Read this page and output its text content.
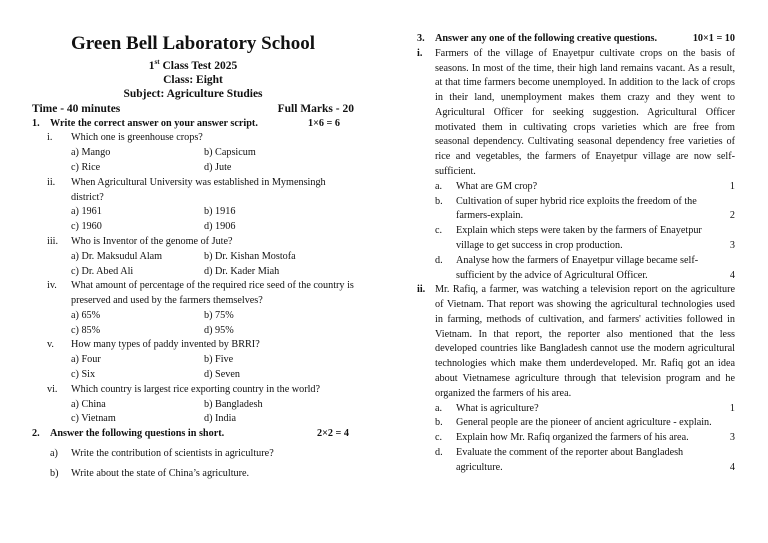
Green Bell Laboratory School
1st Class Test 2025
Class: Eight
Subject: Agriculture Studies
Time - 40 minutes	Full Marks - 20
1.	Write the correct answer on your answer script.	1×6 = 6
i.	Which one is greenhouse crops?
a) Mango	b) Capsicum
c) Rice	d) Jute
ii.	When Agricultural University was established in Mymensingh district?
a) 1961	b) 1916
c) 1960	d) 1906
iii.	Who is Inventor of the genome of Jute?
a) Dr. Maksudul Alam	b) Dr. Kishan Mostofa
c) Dr. Abed Ali	d) Dr. Kader Miah
iv.	What amount of percentage of the required rice seed of the country is preserved and used by the farmers themselves?
a) 65%	b) 75%
c) 85%	d) 95%
v.	How many types of paddy invented by BRRI?
a) Four	b) Five
c) Six	d) Seven
vi.	Which country is largest rice exporting country in the world?
a) China	b) Bangladesh
c) Vietnam	d) India
2.	Answer the following questions in short.	2×2 = 4
a)	Write the contribution of scientists in agriculture?
b)	Write about the state of China’s agriculture.
3.	Answer any one of the following creative questions.	10×1 = 10
i.	Farmers of the village of Enayetpur cultivate crops on the basis of seasons. In most of the time, their high land remains vacant. As a result, at that time farmers become unemployed. In addition to the lack of crops in their land, unemployment makes them crazy and they went to Agricultural Officer for seeking suggestion. Agricultural Officer motivated them in cultivating crops varieties which are free from seasonal dependency. Cultivating seasonal dependency free varieties of rice and vegetables, the farmers of Enayetpur village are now self-sufficient.
a.	What are GM crop?	1
b.	Cultivation of super hybrid rice exploits the freedom of the farmers-explain.	2
c.	Explain which steps were taken by the farmers of Enayetpur village to get success in crop production.	3
d.	Analyse how the farmers of Enayetpur village became self-sufficient by the advice of Agricultural Officer.	4
ii. Mr. Rafiq, a farmer, was watching a television report on the agriculture of Vietnam. That report was showing the agricultural technologies used in farming, methods of cultivation, and farmers' activities followed in Vietnam. In that report, the reporter also mentioned that the less developed countries like Bangladesh cannot use the modern agricultural technologies which make them underdeveloped. Mr. Rafiq got an idea about Vietnamese agriculture through that television program and he organized the farmers of his area.
a.	What is agriculture?	1
b.	General people are the pioneer of ancient agriculture - explain.
c.	Explain how Mr. Rafiq organized the farmers of his area.	3
d.	Evaluate the comment of the reporter about Bangladesh agriculture.	4
